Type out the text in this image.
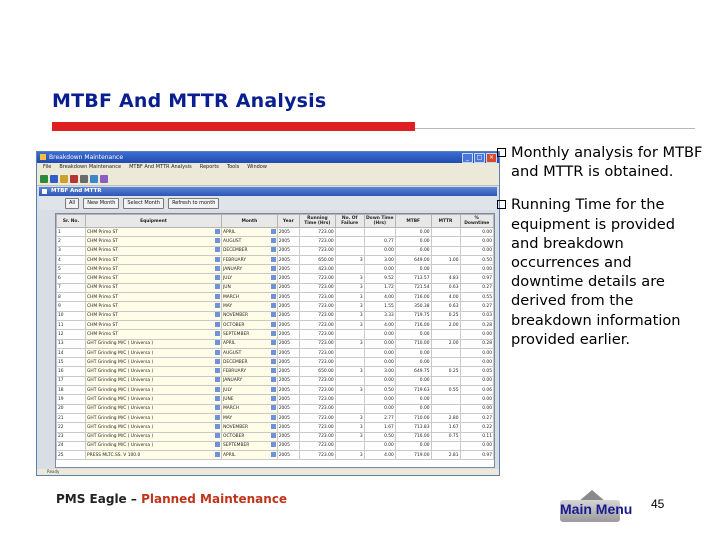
MTBF And MTTR Analysis
Breakdown Maintenance	_	□	×
File Breakdown Maintenance MTBF And MTTR Analysis Reports Tools Window
MTBF And MTTR
All	New Month	Select Month	Refresh to month
Sr. No.	Equipment	Month	Year	Running Time (Hrs)	No. Of Failure	Down Time (Hrs)	MTBF	MTTR	% Downtime
1	CHM Primo ST	APRIL	2005	723.00			0.00		0.00
2	CHM Primo ST	AUGUST	2005	723.00		0.77	0.00		0.00
3	CHM Primo ST	DECEMBER	2005	723.00		0.00	0.00		0.00
4	CHM Primo ST	FEBRUARY	2005	650.00	3	3.00	649.00	1.00	0.50
5	CHM Primo ST	JANUARY	2005	423.00		0.00	0.00		0.00
6	CHM Primo ST	JULY	2005	723.00	3	9.52	713.57	4.83	0.97
7	CHM Primo ST	JUN	2005	723.00	3	1.72	721.54	0.63	0.27
8	CHM Primo ST	MARCH	2005	723.00	3	4.00	716.00	4.00	0.55
9	CHM Primo ST	MAY	2005	723.00	3	1.55	350.38	0.63	0.27
10	CHM Primo ST	NOVEMBER	2005	723.00	3	3.33	719.75	0.25	0.03
11	CHM Primo ST	OCTOBER	2005	723.00	3	4.00	716.00	2.00	0.28
12	CHM Primo ST	SEPTEMBER	2005	723.00		0.00	0.00		0.00
13	GHT Grinding M/C ( Universa )	APRIL	2005	723.00	3	0.00	710.00	2.00	0.28
14	GHT Grinding M/C ( Universa )	AUGUST	2005	723.00		0.00	0.00		0.00
15	GHT Grinding M/C ( Universa )	DECEMBER	2005	723.00		0.00	0.00		0.00
16	GHT Grinding M/C ( Universa )	FEBRUARY	2005	650.00	3	3.00	649.75	0.25	0.05
17	GHT Grinding M/C ( Universa )	JANUARY	2005	723.00		0.00	0.00		0.00
18	GHT Grinding M/C ( Universa )	JULY	2005	723.00	3	0.50	719.63	0.55	0.06
19	GHT Grinding M/C ( Universa )	JUNE	2005	723.00		0.00	0.00		0.00
20	GHT Grinding M/C ( Universa )	MARCH	2005	723.00		0.00	0.00		0.00
21	GHT Grinding M/C ( Universa )	MAY	2005	723.00	3	2.77	710.00	2.80	0.27
22	GHT Grinding M/C ( Universa )	NOVEMBER	2005	723.00	3	1.67	713.83	1.67	0.22
23	GHT Grinding M/C ( Universa )	OCTOBER	2005	723.00	3	0.50	716.00	0.75	0.11
24	GHT Grinding M/C ( Universa )	SEPTEMBER	2005	723.00		0.00	0.00		0.00
25	PRESS MLTC.SS. V 100.0	APRIL	2005	723.00	3	4.00	719.00	2.81	0.97
Ready
Monthly analysis for MTBF and MTTR is obtained.
Running Time for the equipment is provided and breakdown occurrences and downtime details are derived from the breakdown information provided earlier.
PMS Eagle – Planned Maintenance
Main Menu 45
